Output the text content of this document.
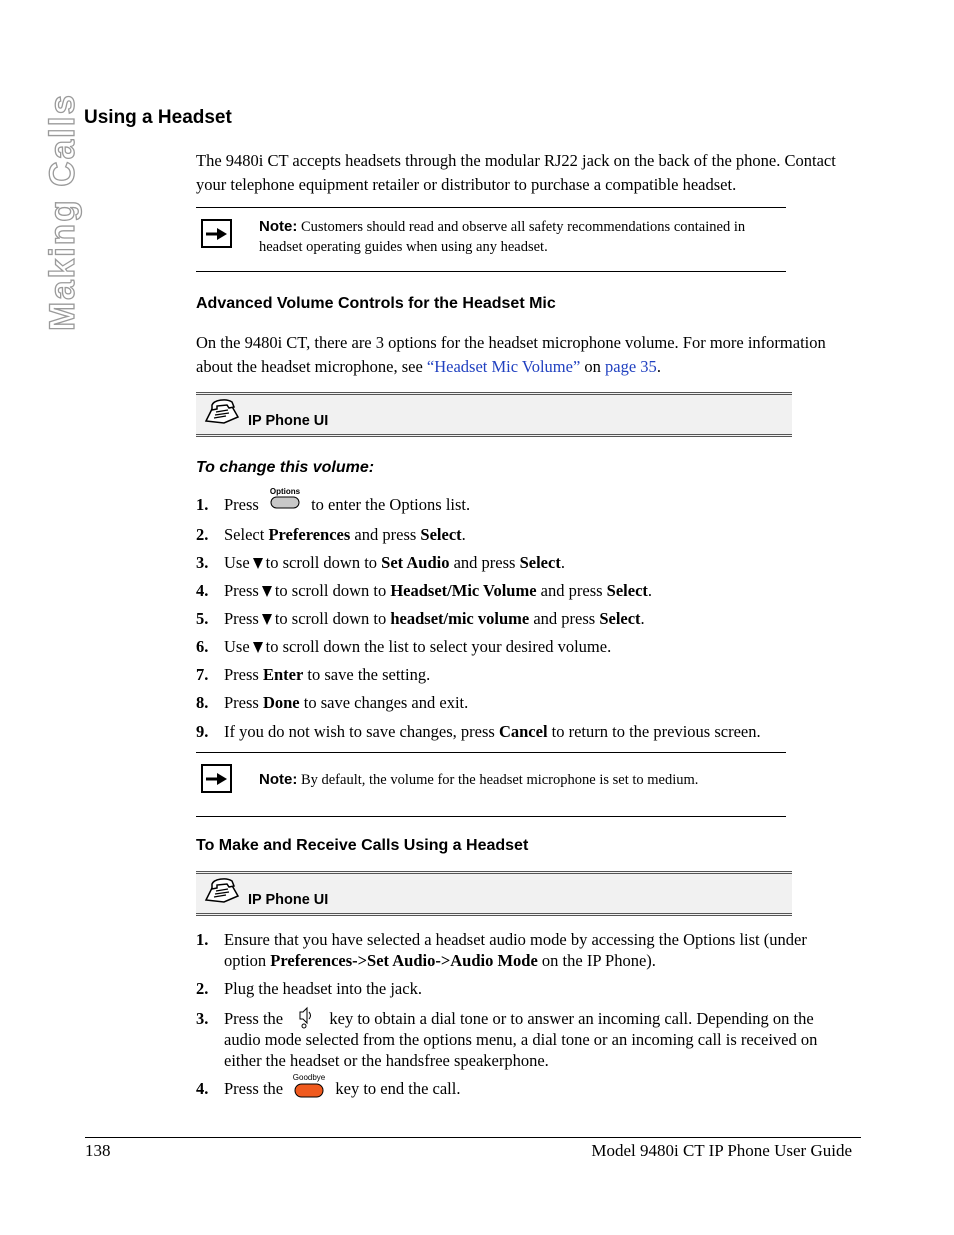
Making Calls Using a Headset
The 9480i CT accepts headsets through the modular RJ22 jack on the back of the phone. Contact your telephone equipment retailer or distributor to purchase a compatible headset.
Note: Customers should read and observe all safety recommendations contained in headset operating guides when using any headset.
Advanced Volume Controls for the Headset Mic
On the 9480i CT, there are 3 options for the headset microphone volume. For more information about the headset microphone, see “Headset Mic Volume” on page 35.
IP Phone UI
To change this volume:
1. Press
Options
to enter the Options list.
2. Select Preferences and press Select.
3. Use to scroll down to Set Audio and press Select.
4. Press to scroll down to Headset/Mic Volume and press Select.
5. Press to scroll down to headset/mic volume and press Select.
6. Use to scroll down the list to select your desired volume.
7. Press Enter to save the setting.
8. Press Done to save changes and exit.
9. If you do not wish to save changes, press Cancel to return to the previous screen.
Note: By default, the volume for the headset microphone is set to medium.
To Make and Receive Calls Using a Headset
IP Phone UI
1. Ensure that you have selected a headset audio mode by accessing the Options list (under option Preferences->Set Audio->Audio Mode on the IP Phone).
2. Plug the headset into the jack.
3. Press the	key to obtain a dial tone or to answer an incoming call. Depending on the audio mode selected from the options menu, a dial tone or an incoming call is received on either the headset or the handsfree speakerphone.
4. Press the
Goodbye
key to end the call.
138	Model 9480i CT IP Phone User Guide
